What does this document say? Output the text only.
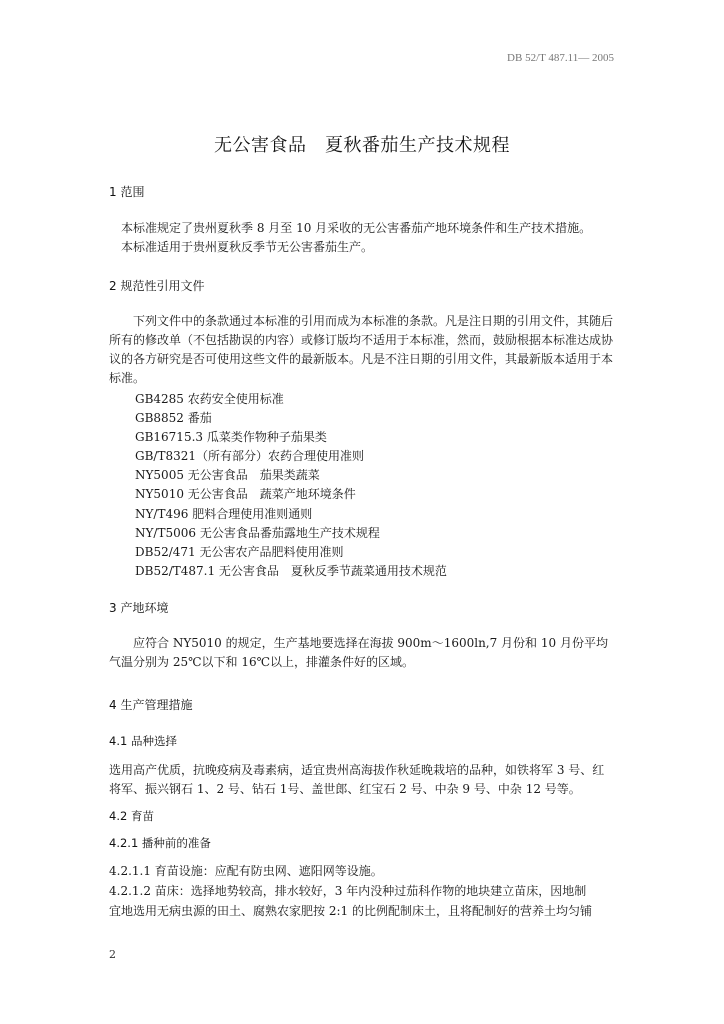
DB 52/T 487.11— 2005
无公害食品　夏秋番茄生产技术规程
1 范围
本标准规定了贵州夏秋季 8 月至 10 月采收的无公害番茄产地环境条件和生产技术措施。
本标准适用于贵州夏秋反季节无公害番茄生产。
2 规范性引用文件
下列文件中的条款通过本标准的引用而成为本标准的条款。凡是注日期的引用文件，其随后所有的修改单（不包括勘误的内容）或修订版均不适用于本标准，然而，鼓励根据本标准达成协议的各方研究是否可使用这些文件的最新版本。凡是不注日期的引用文件，其最新版本适用于本标准。
GB4285 农药安全使用标准
GB8852 番茄
GB16715.3 瓜菜类作物种子茄果类
GB/T8321（所有部分）农药合理使用准则
NY5005 无公害食品　茄果类蔬菜
NY5010 无公害食品　蔬菜产地环境条件
NY/T496 肥料合理使用准则通则
NY/T5006 无公害食品番茄露地生产技术规程
DB52/471 无公害农产品肥料使用准则
DB52/T487.1 无公害食品　夏秋反季节蔬菜通用技术规范
3 产地环境
应符合 NY5010 的规定，生产基地要选择在海拔 900m～1600ln,7 月份和 10 月份平均气温分别为 25℃以下和 16℃以上，排灌条件好的区域。
4 生产管理措施
4.1 品种选择
选用高产优质，抗晚疫病及毒素病，适宜贵州高海拔作秋延晚栽培的品种，如铁将军 3 号、红将军、振兴钢石 1、2 号、钻石 1号、盖世郎、红宝石 2 号、中杂 9 号、中杂 12 号等。
4.2 育苗
4.2.1 播种前的准备
4.2.1.1 育苗设施：应配有防虫网、遮阳网等设施。
4.2.1.2 苗床：选择地势较高，排水较好，3 年内没种过茄科作物的地块建立苗床，因地制
宜地选用无病虫源的田土、腐熟农家肥按 2:1 的比例配制床土，且将配制好的营养土均匀铺
2
